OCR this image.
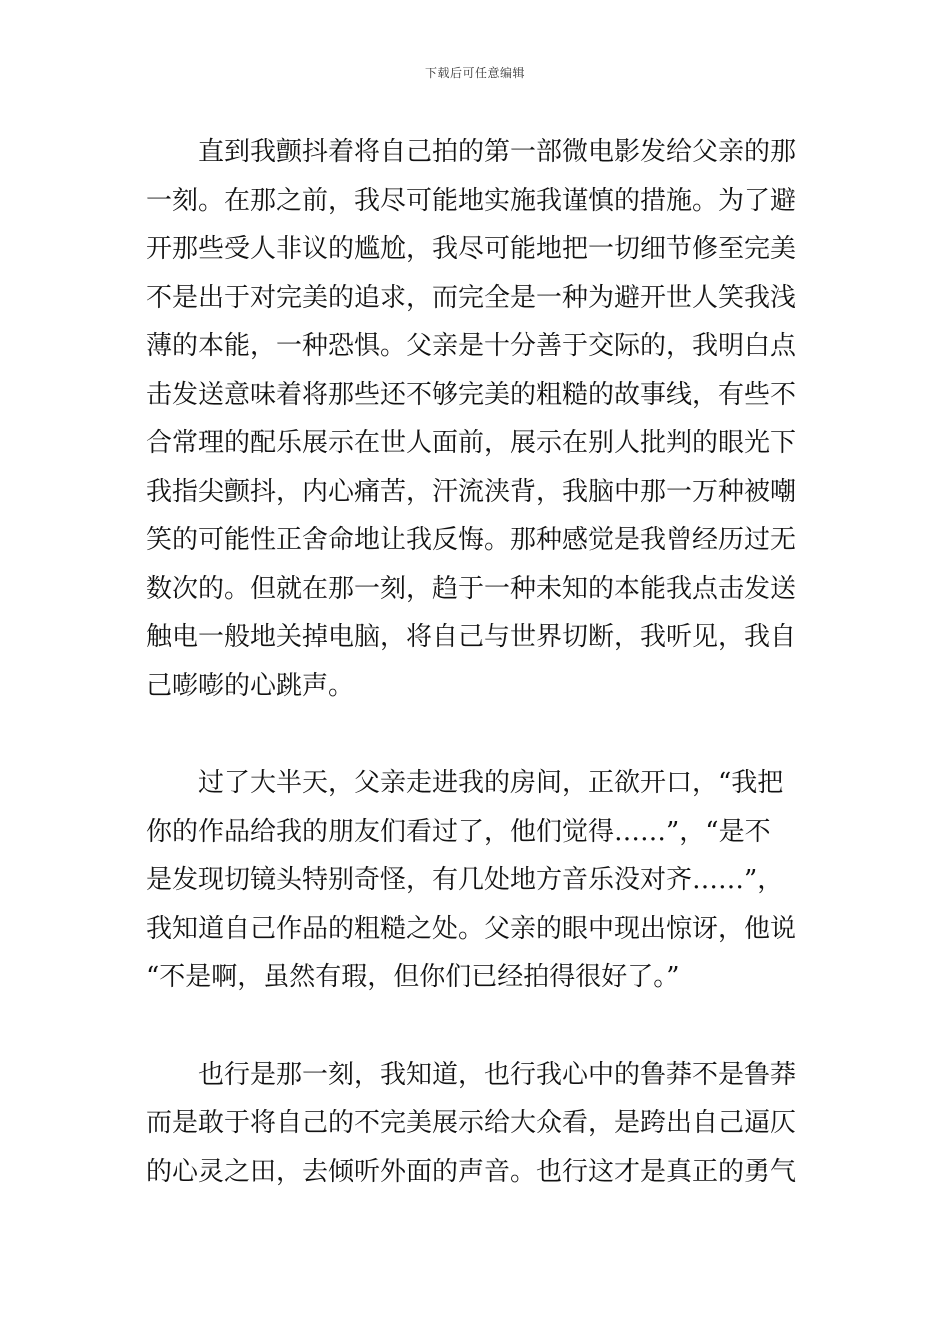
下载后可任意编辑
直到我颤抖着将自己拍的第一部微电影发给父亲的那
一刻。在那之前，我尽可能地实施我谨慎的措施。为了避
开那些受人非议的尴尬，我尽可能地把一切细节修至完美
不是出于对完美的追求，而完全是一种为避开世人笑我浅
薄的本能，一种恐惧。父亲是十分善于交际的，我明白点
击发送意味着将那些还不够完美的粗糙的故事线，有些不
合常理的配乐展示在世人面前，展示在别人批判的眼光下
我指尖颤抖，内心痛苦，汗流浃背，我脑中那一万种被嘲
笑的可能性正舍命地让我反悔。那种感觉是我曾经历过无
数次的。但就在那一刻，趋于一种未知的本能我点击发送
触电一般地关掉电脑，将自己与世界切断，我听见，我自
己嘭嘭的心跳声。
过了大半天，父亲走进我的房间，正欲开口，“我把
你的作品给我的朋友们看过了，他们觉得……”，“是不
是发现切镜头特别奇怪，有几处地方音乐没对齐……”，
我知道自己作品的粗糙之处。父亲的眼中现出惊讶，他说
“不是啊，虽然有瑕，但你们已经拍得很好了。”
也行是那一刻，我知道，也行我心中的鲁莽不是鲁莽
而是敢于将自己的不完美展示给大众看，是跨出自己逼仄
的心灵之田，去倾听外面的声音。也行这才是真正的勇气
